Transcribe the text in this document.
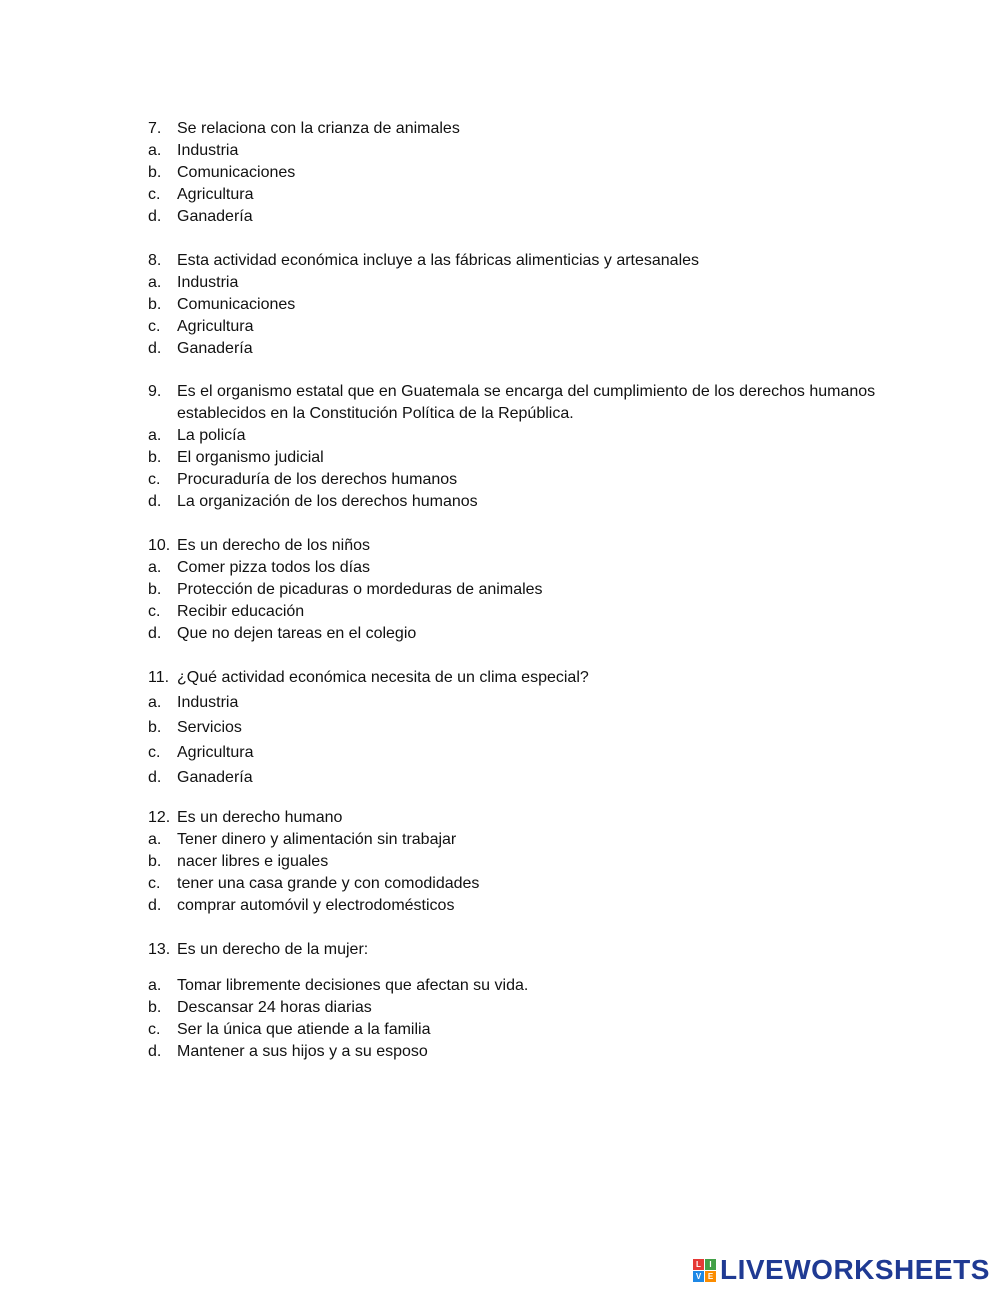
7. Se relaciona con la crianza de animales
a. Industria
b. Comunicaciones
c.	Agricultura
d. Ganadería
8. Esta actividad económica incluye a las fábricas alimenticias y artesanales
a. Industria
b. Comunicaciones
c.	Agricultura
d. Ganadería
9. Es el organismo estatal que en Guatemala se encarga del cumplimiento de los derechos humanos
establecidos en la Constitución Política de la República.
a. La policía
b. El organismo judicial
c.	Procuraduría de los derechos humanos
d. La organización de los derechos humanos
10. Es un derecho de los niños
a. Comer pizza todos los días
b. Protección de picaduras o mordeduras de animales
c.	Recibir educación
d. Que no dejen tareas en el colegio
11. ¿Qué actividad económica necesita de un clima especial?
a. Industria
b. Servicios
c.	Agricultura
d. Ganadería
12. Es un derecho humano
a. Tener dinero y alimentación sin trabajar
b. nacer libres e iguales
c.	tener una casa grande y con comodidades
d. comprar automóvil y electrodomésticos
13. Es un derecho de la mujer:
a. Tomar libremente decisiones que afectan su vida.
b. Descansar 24 horas diarias
c.	Ser la única que atiende a la familia
d. Mantener a sus hijos y a su esposo
L	I
V E LIVEWORKSHEETS
